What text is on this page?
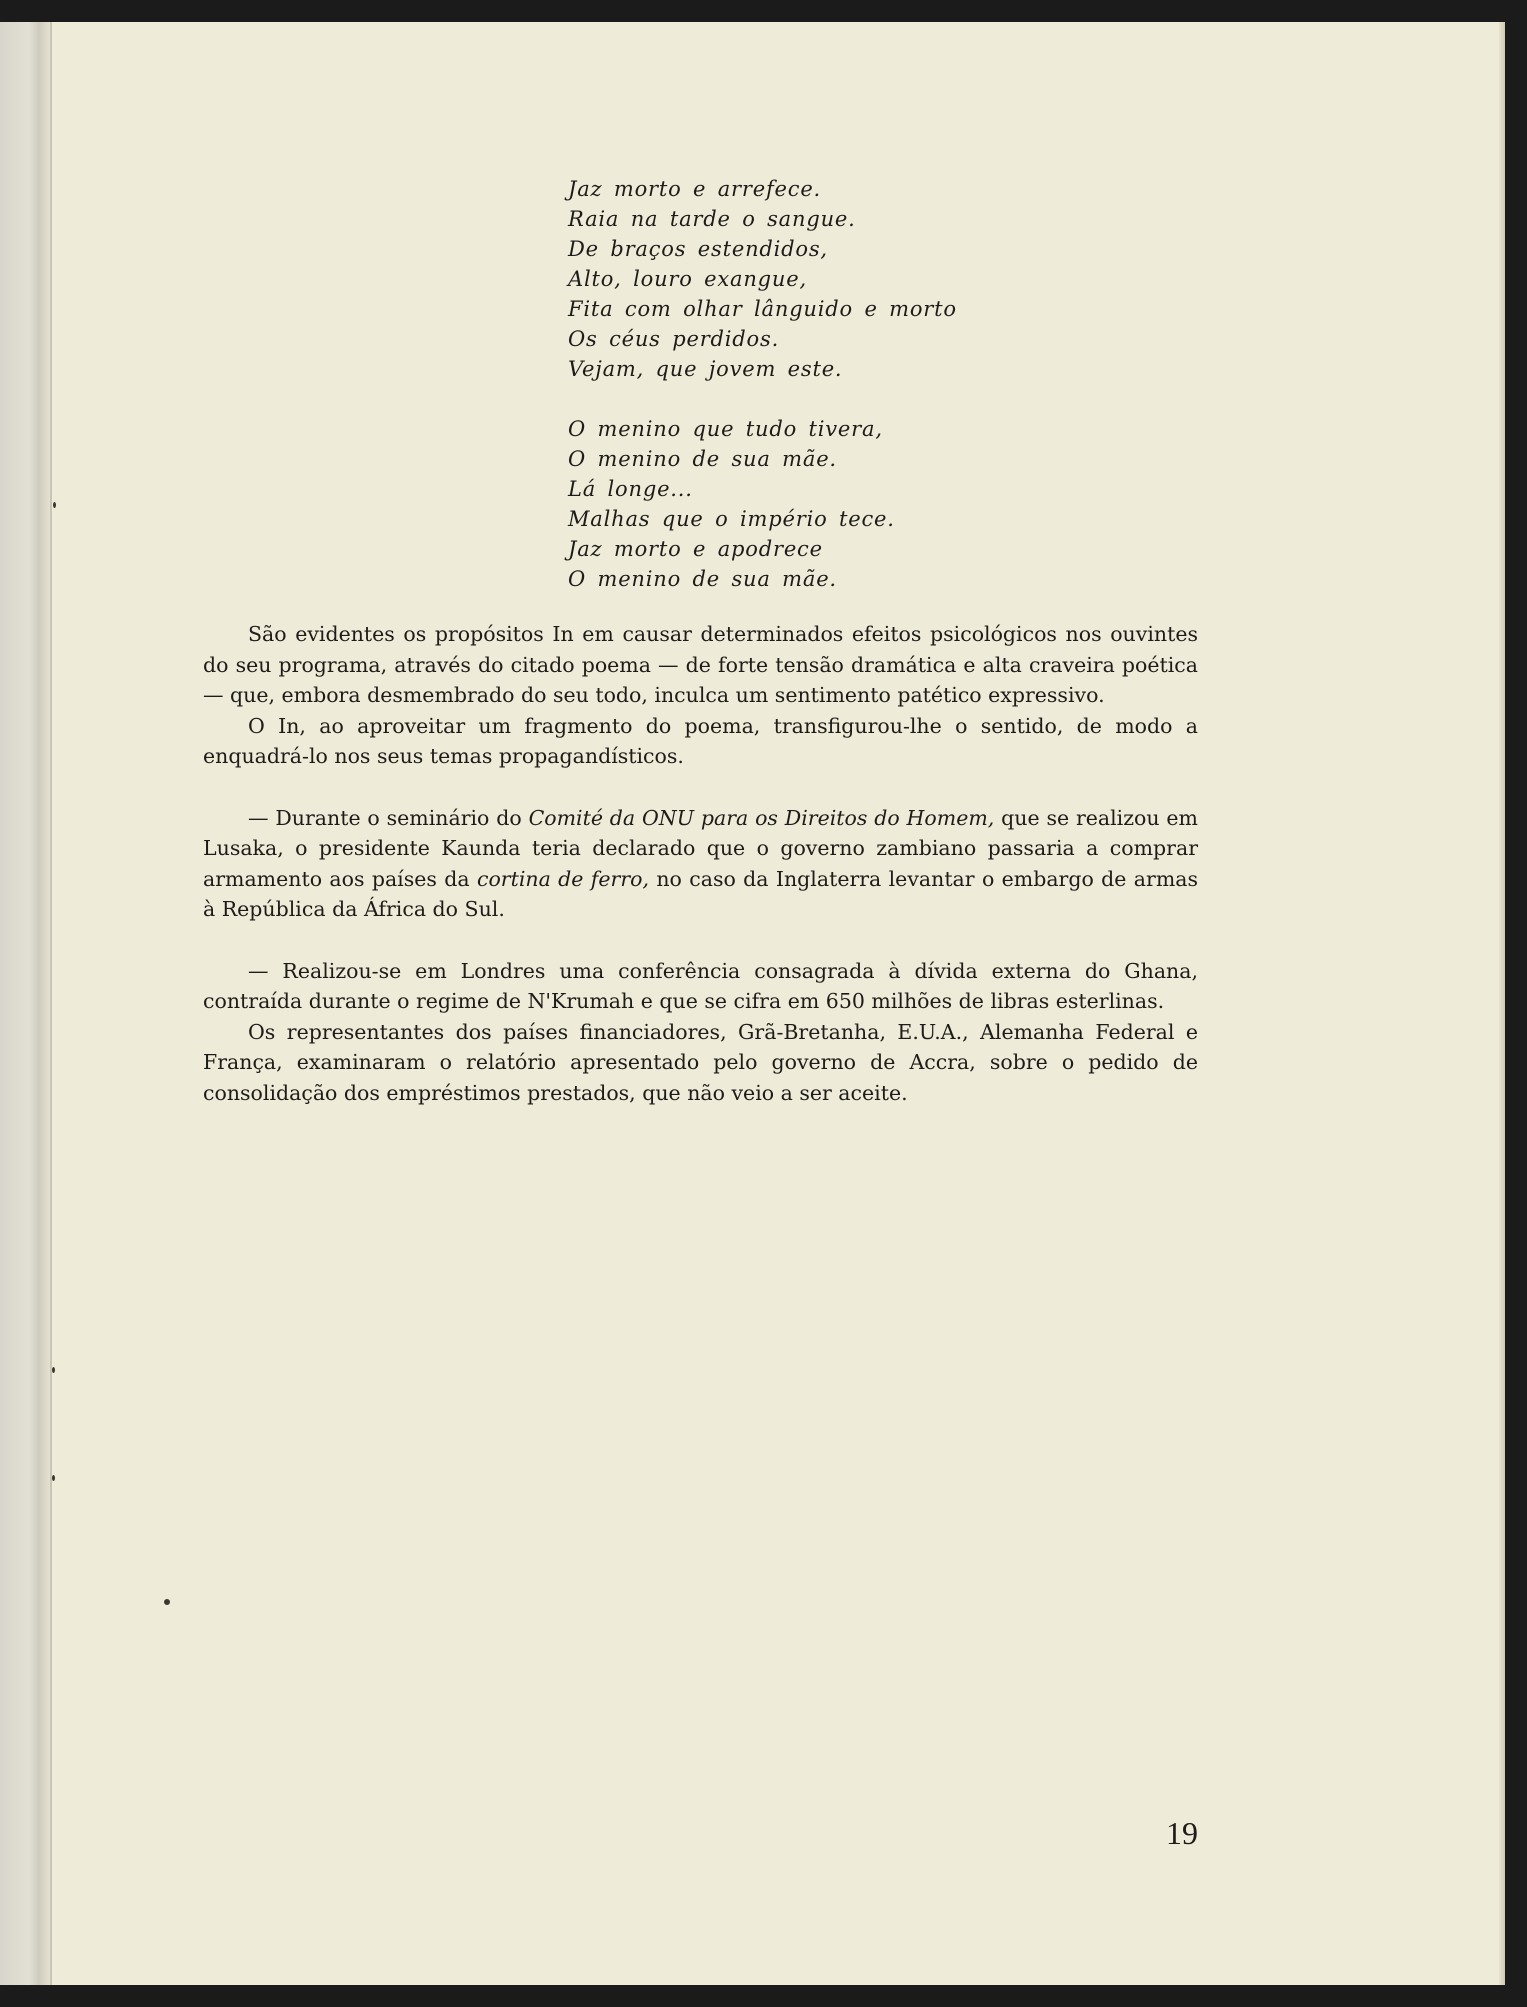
Jaz morto e arrefece.
Raia na tarde o sangue.
De braços estendidos,
Alto, louro exangue,
Fita com olhar lânguido e morto
Os céus perdidos.
Vejam, que jovem este.
O menino que tudo tivera,
O menino de sua mãe.
Lá longe...
Malhas que o império tece.
Jaz morto e apodrece
O menino de sua mãe.

São evidentes os propósitos In em causar determinados efeitos psicológicos nos ouvintes do seu programa, através do citado poema — de forte tensão dramática e alta craveira poética — que, embora desmembrado do seu todo, inculca um sentimento patético expressivo.

O In, ao aproveitar um fragmento do poema, transfigurou-lhe o sentido, de modo a enquadrá-lo nos seus temas propagandísticos.

— Durante o seminário do Comité da ONU para os Direitos do Homem, que se realizou em Lusaka, o presidente Kaunda teria declarado que o governo zambiano passaria a comprar armamento aos países da cortina de ferro, no caso da Inglaterra levantar o embargo de armas à República da África do Sul.

— Realizou-se em Londres uma conferência consagrada à dívida externa do Ghana, contraída durante o regime de N'Krumah e que se cifra em 650 milhões de libras esterlinas.

Os representantes dos países financiadores, Grã-Bretanha, E.U.A., Alemanha Federal e França, examinaram o relatório apresentado pelo governo de Accra, sobre o pedido de consolidação dos empréstimos prestados, que não veio a ser aceite.

19
